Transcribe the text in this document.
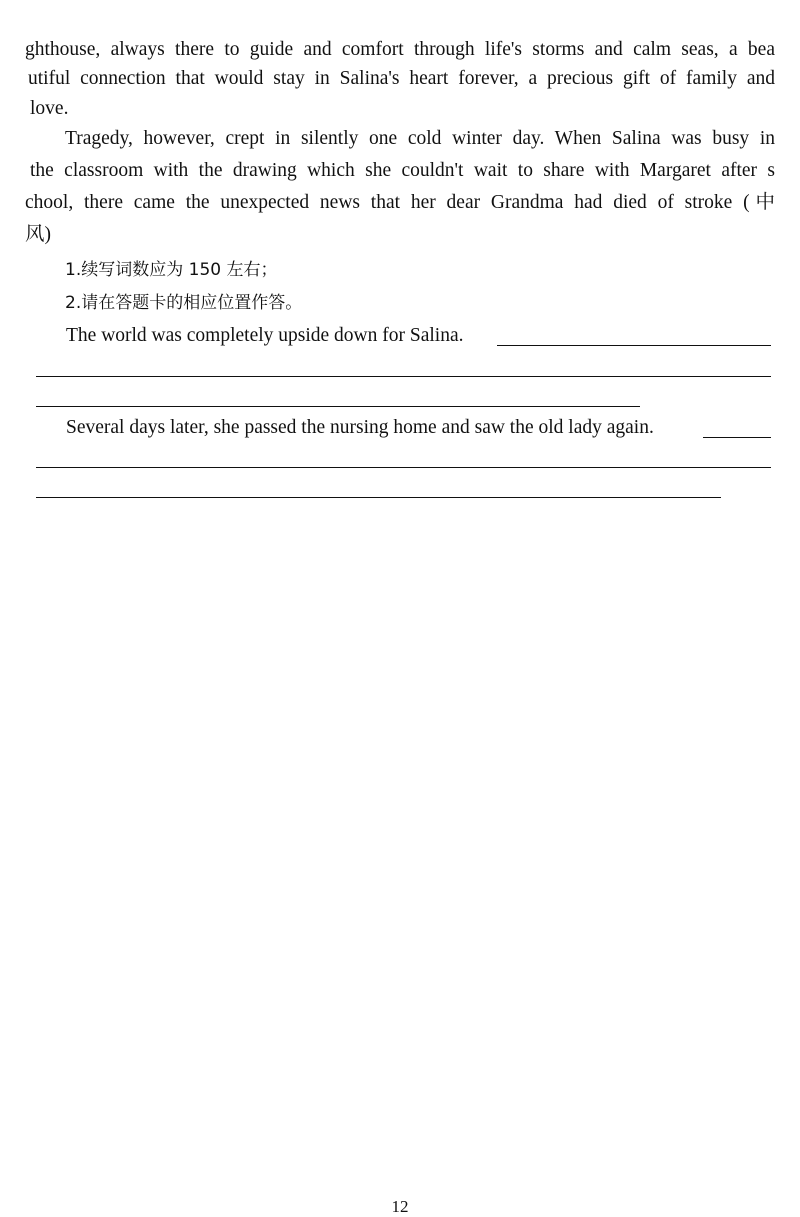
ghthouse, always there to guide and comfort through life's storms and calm seas, a bea
utiful connection that would stay in Salina's heart forever, a precious gift of family and
love.
Tragedy, however, crept in silently one cold winter day. When Salina was busy in
the classroom with the drawing which she couldn't wait to share with Margaret after s
chool, there came the unexpected news that her dear Grandma had died of stroke (中
风)
1.续写词数应为 150 左右；
2.请在答题卡的相应位置作答。
The world was completely upside down for Salina.
Several days later, she passed the nursing home and saw the old lady again.
12
